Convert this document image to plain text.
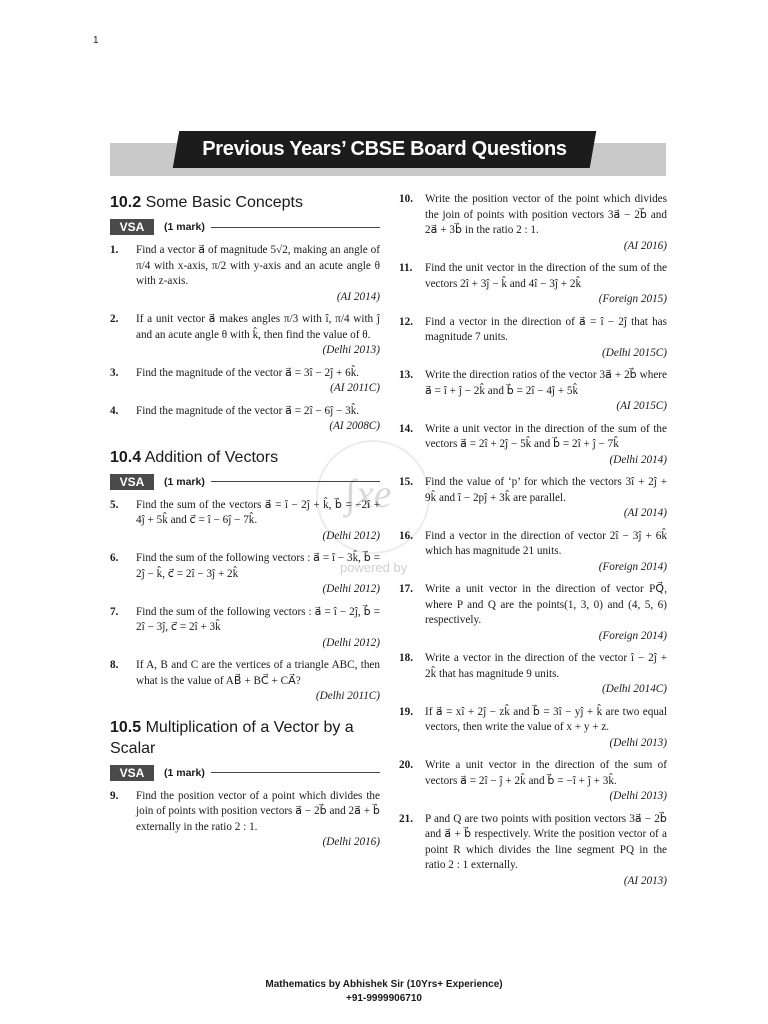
1
Previous Years’ CBSE Board Questions
∫xe
powered by
10.2 Some Basic Concepts
VSA	(1 mark)
1.	Find a vector a⃗ of magnitude 5√2, making an angle of π/4 with x-axis, π/2 with y-axis and an acute angle θ with z-axis.
(AI 2014)
2.	If a unit vector a⃗ makes angles π/3 with î, π/4 with ĵ and an acute angle θ with k̂, then find the value of θ.
(Delhi 2013)
3.	Find the magnitude of the vector a⃗ = 3î − 2ĵ + 6k̂.
(AI 2011C)
4.	Find the magnitude of the vector a⃗ = 2î − 6ĵ − 3k̂.
(AI 2008C)
10.4 Addition of Vectors
VSA	(1 mark)
5.	Find the sum of the vectors a⃗ = î − 2ĵ + k̂, b⃗ = −2î + 4ĵ + 5k̂ and c⃗ = î − 6ĵ − 7k̂.
(Delhi 2012)
6.	Find the sum of the following vectors : a⃗ = î − 3k̂, b⃗ = 2ĵ − k̂, c⃗ = 2î − 3ĵ + 2k̂
(Delhi 2012)
7.	Find the sum of the following vectors : a⃗ = î − 2ĵ, b⃗ = 2î − 3ĵ, c⃗ = 2î + 3k̂
(Delhi 2012)
8.	If A, B and C are the vertices of a triangle ABC, then what is the value of AB⃗ + BC⃗ + CA⃗?
(Delhi 2011C)
10.5 Multiplication of a Vector by a Scalar
VSA	(1 mark)
9.	Find the position vector of a point which divides the join of points with position vectors a⃗ − 2b⃗ and 2a⃗ + b⃗ externally in the ratio 2 : 1.
(Delhi 2016)
10.	Write the position vector of the point which divides the join of points with position vectors 3a⃗ − 2b⃗ and 2a⃗ + 3b⃗ in the ratio 2 : 1.
(AI 2016)
11.	Find the unit vector in the direction of the sum of the vectors 2î + 3ĵ − k̂ and 4î − 3ĵ + 2k̂
(Foreign 2015)
12.	Find a vector in the direction of a⃗ = î − 2ĵ that has magnitude 7 units.
(Delhi 2015C)
13.	Write the direction ratios of the vector 3a⃗ + 2b⃗ where a⃗ = î + ĵ − 2k̂ and b⃗ = 2î − 4ĵ + 5k̂
(AI 2015C)
14.	Write a unit vector in the direction of the sum of the vectors a⃗ = 2î + 2ĵ − 5k̂ and b⃗ = 2î + ĵ − 7k̂
(Delhi 2014)
15.	Find the value of ‘p’ for which the vectors 3î + 2ĵ + 9k̂ and î − 2pĵ + 3k̂ are parallel.
(AI 2014)
16.	Find a vector in the direction of vector 2î − 3ĵ + 6k̂ which has magnitude 21 units.
(Foreign 2014)
17.	Write a unit vector in the direction of vector PQ⃗, where P and Q are the points(1, 3, 0) and (4, 5, 6) respectively.
(Foreign 2014)
18.	Write a vector in the direction of the vector î − 2ĵ + 2k̂ that has magnitude 9 units.
(Delhi 2014C)
19.	If a⃗ = xî + 2ĵ − zk̂ and b⃗ = 3î − yĵ + k̂ are two equal vectors, then write the value of x + y + z.
(Delhi 2013)
20.	Write a unit vector in the direction of the sum of vectors a⃗ = 2î − ĵ + 2k̂ and b⃗ = −î + ĵ + 3k̂.
(Delhi 2013)
21.	P and Q are two points with position vectors 3a⃗ − 2b⃗ and a⃗ + b⃗ respectively. Write the position vector of a point R which divides the line segment PQ in the ratio 2 : 1 externally.
(AI 2013)
Mathematics by Abhishek Sir (10Yrs+ Experience)
+91-9999906710
